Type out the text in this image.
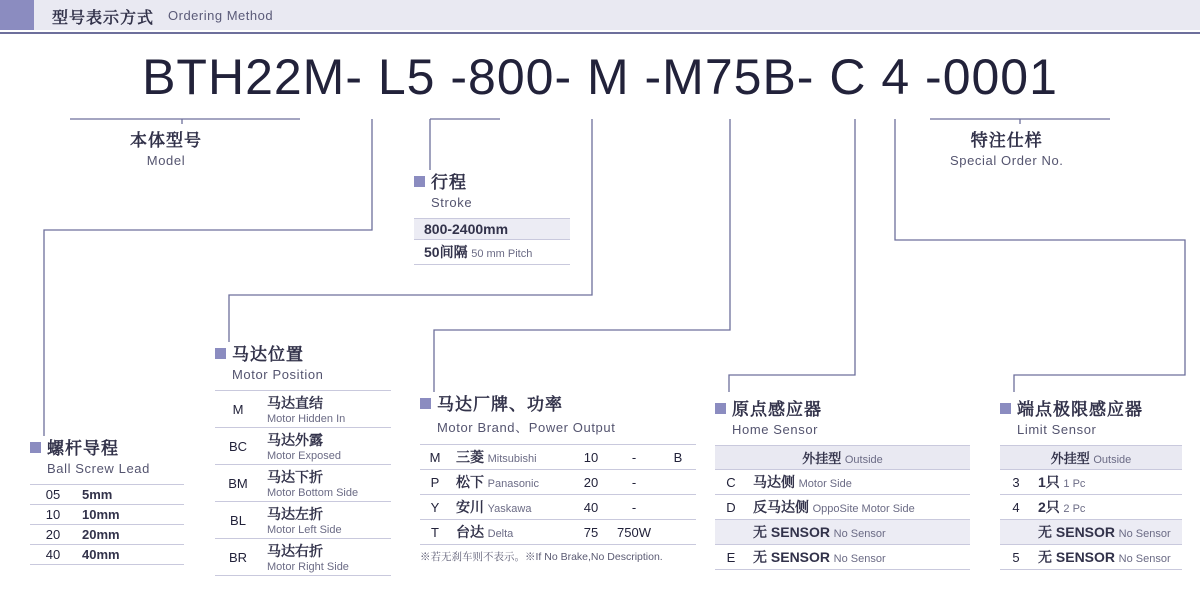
型号表示方式 Ordering Method
BTH22M- L5 -800- M -M75B- C 4 -0001
本体型号
Model
特注仕样
Special Order No.
行程
Stroke
800-2400mm
50间隔 50 mm Pitch
螺杆导程
Ball Screw Lead
05	5mm
10	10mm
20	20mm
40	40mm
马达位置
Motor Position
M	马达直结
Motor Hidden In

BC	马达外露
Motor Exposed

BM	马达下折
Motor Bottom Side

BL	马达左折
Motor Left Side

BR	马达右折
Motor Right Side
马达厂牌、功率
Motor Brand、Power Output
M	三菱 Mitsubishi	10	-	B
P	松下 Panasonic	20	-	
Y	安川 Yaskawa	40	-	
T	台达 Delta	75	750W	
※若无刹车则不表示。※If No Brake,No Description.
原点感应器
Home Sensor
外挂型 Outside	
C	马达侧 Motor Side
D	反马达侧 OppoSite Motor Side
	无 SENSOR No Sensor
E	无 SENSOR No Sensor
端点极限感应器
Limit Sensor
外挂型 Outside	
3	1只 1 Pc
4	2只 2 Pc
	无 SENSOR No Sensor
5	无 SENSOR No Sensor
